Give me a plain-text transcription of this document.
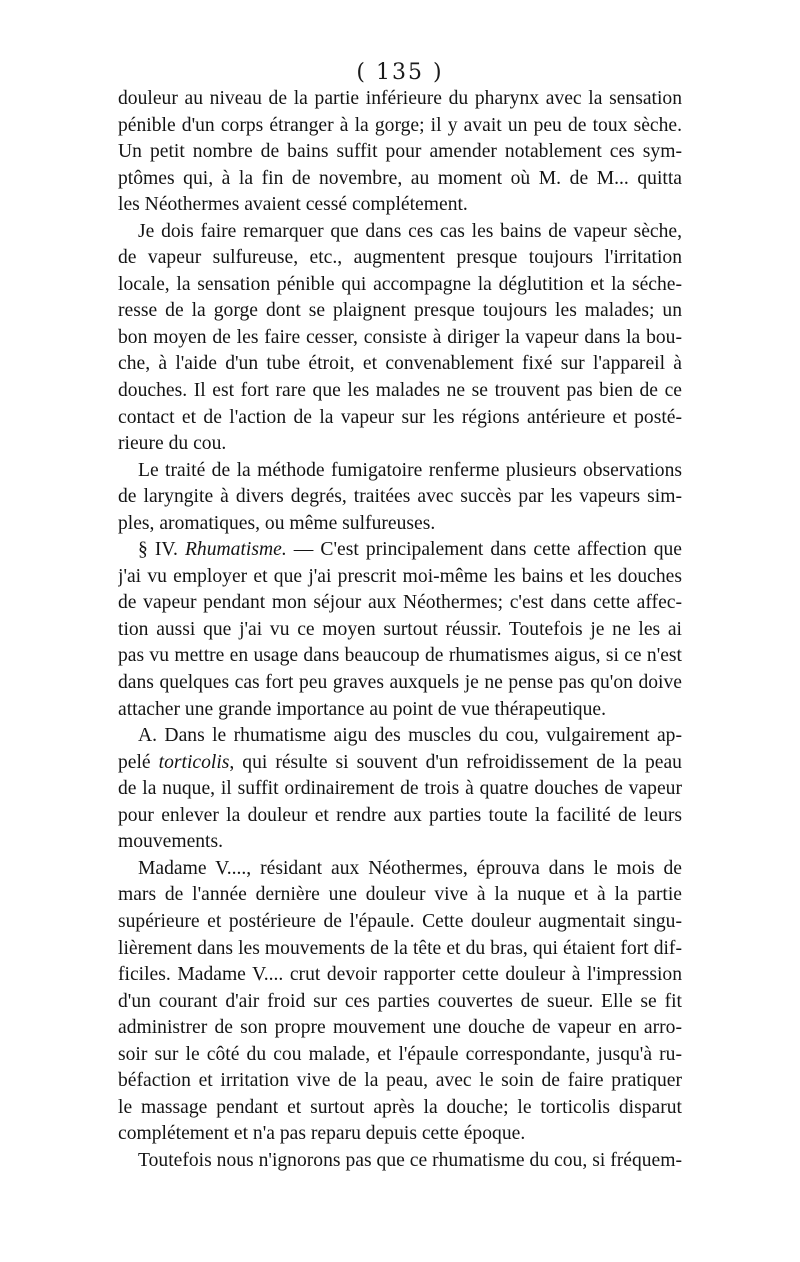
( 135 )
douleur au niveau de la partie inférieure du pharynx avec la sensation
pénible d'un corps étranger à la gorge; il y avait un peu de toux sèche.
Un petit nombre de bains suffit pour amender notablement ces sym-
ptômes qui, à la fin de novembre, au moment où M. de M... quitta
les Néothermes avaient cessé complétement.
Je dois faire remarquer que dans ces cas les bains de vapeur sèche,
de vapeur sulfureuse, etc., augmentent presque toujours l'irritation
locale, la sensation pénible qui accompagne la déglutition et la séche-
resse de la gorge dont se plaignent presque toujours les malades; un
bon moyen de les faire cesser, consiste à diriger la vapeur dans la bou-
che, à l'aide d'un tube étroit, et convenablement fixé sur l'appareil à
douches. Il est fort rare que les malades ne se trouvent pas bien de ce
contact et de l'action de la vapeur sur les régions antérieure et posté-
rieure du cou.
Le traité de la méthode fumigatoire renferme plusieurs observations
de laryngite à divers degrés, traitées avec succès par les vapeurs sim-
ples, aromatiques, ou même sulfureuses.
§ IV. Rhumatisme. — C'est principalement dans cette affection que
j'ai vu employer et que j'ai prescrit moi-même les bains et les douches
de vapeur pendant mon séjour aux Néothermes; c'est dans cette affec-
tion aussi que j'ai vu ce moyen surtout réussir. Toutefois je ne les ai
pas vu mettre en usage dans beaucoup de rhumatismes aigus, si ce n'est
dans quelques cas fort peu graves auxquels je ne pense pas qu'on doive
attacher une grande importance au point de vue thérapeutique.
A. Dans le rhumatisme aigu des muscles du cou, vulgairement ap-
pelé torticolis, qui résulte si souvent d'un refroidissement de la peau
de la nuque, il suffit ordinairement de trois à quatre douches de vapeur
pour enlever la douleur et rendre aux parties toute la facilité de leurs
mouvements.
Madame V...., résidant aux Néothermes, éprouva dans le mois de
mars de l'année dernière une douleur vive à la nuque et à la partie
supérieure et postérieure de l'épaule. Cette douleur augmentait singu-
lièrement dans les mouvements de la tête et du bras, qui étaient fort dif-
ficiles. Madame V.... crut devoir rapporter cette douleur à l'impression
d'un courant d'air froid sur ces parties couvertes de sueur. Elle se fit
administrer de son propre mouvement une douche de vapeur en arro-
soir sur le côté du cou malade, et l'épaule correspondante, jusqu'à ru-
béfaction et irritation vive de la peau, avec le soin de faire pratiquer
le massage pendant et surtout après la douche; le torticolis disparut
complétement et n'a pas reparu depuis cette époque.
Toutefois nous n'ignorons pas que ce rhumatisme du cou, si fréquem-
